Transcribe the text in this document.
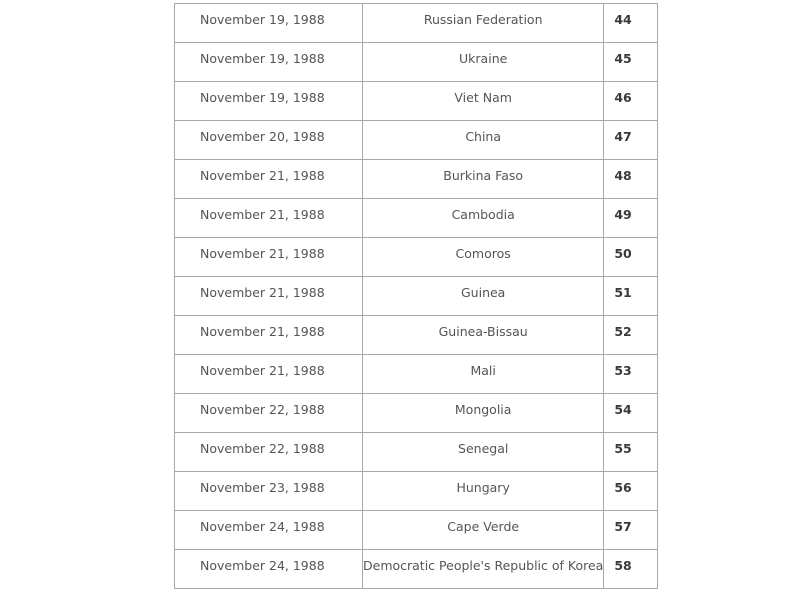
November 19, 1988	Russian Federation	44

November 19, 1988	Ukraine	45

November 19, 1988	Viet Nam	46

November 20, 1988	China	47

November 21, 1988	Burkina Faso	48

November 21, 1988	Cambodia	49

November 21, 1988	Comoros	50

November 21, 1988	Guinea	51

November 21, 1988	Guinea-Bissau	52

November 21, 1988	Mali	53

November 22, 1988	Mongolia	54

November 22, 1988	Senegal	55

November 23, 1988	Hungary	56

November 24, 1988	Cape Verde	57

November 24, 1988	Democratic People's Republic of Korea	58
